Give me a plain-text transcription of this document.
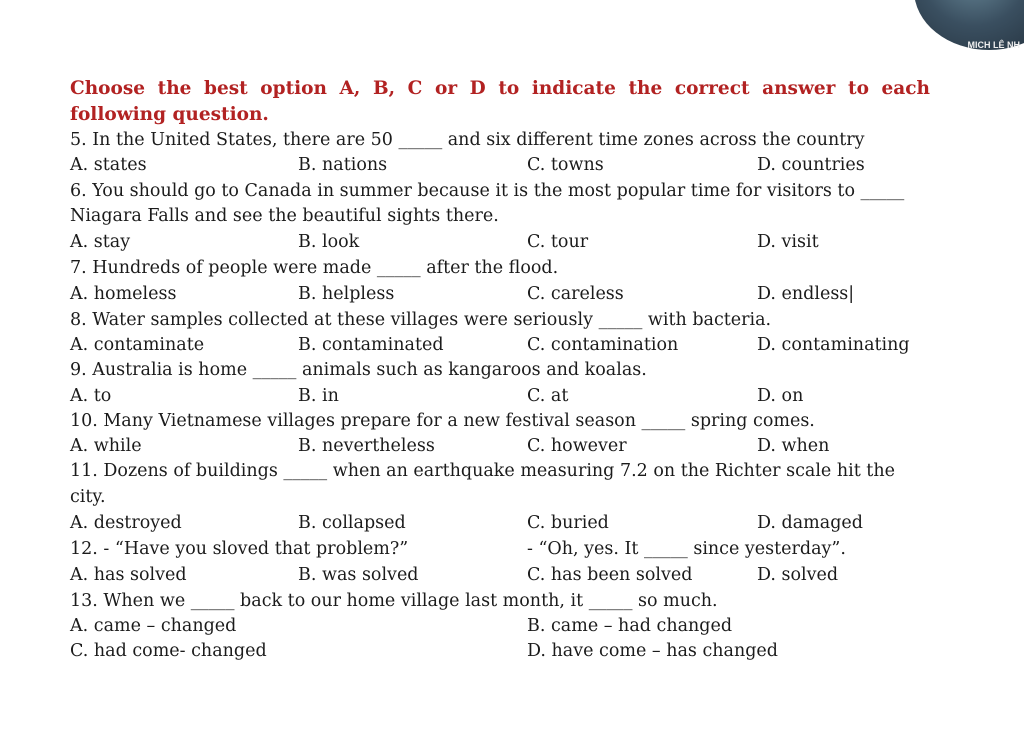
MICH LÊ NH
Choose the best option A, B, C or D to indicate the correct answer to each following question.
5. In the United States, there are 50 _____ and six different time zones across the country
A. states	B. nations	C. towns	D. countries
6. You should go to Canada in summer because it is the most popular time for visitors to _____
Niagara Falls and see the beautiful sights there.
A. stay	B. look	C. tour	D. visit
7. Hundreds of people were made _____ after the flood.
A. homeless	B. helpless	C. careless	D. endless|
8. Water samples collected at these villages were seriously _____ with bacteria.
A. contaminate	B. contaminated	C. contamination	D. contaminating
9. Australia is home _____ animals such as kangaroos and koalas.
A. to	B. in	C. at	D. on
10. Many Vietnamese villages prepare for a new festival season _____ spring comes.
A. while	B. nevertheless	C. however	D. when
11. Dozens of buildings _____ when an earthquake measuring 7.2 on the Richter scale hit the
city.
A. destroyed	B. collapsed	C. buried	D. damaged
12. - “Have you sloved that problem?”	- “Oh, yes. It _____ since yesterday”.
A. has solved	B. was solved	C. has been solved	D. solved
13. When we _____ back to our home village last month, it _____ so much.
A. came – changed	B. came – had changed
C. had come- changed	D. have come – has changed
